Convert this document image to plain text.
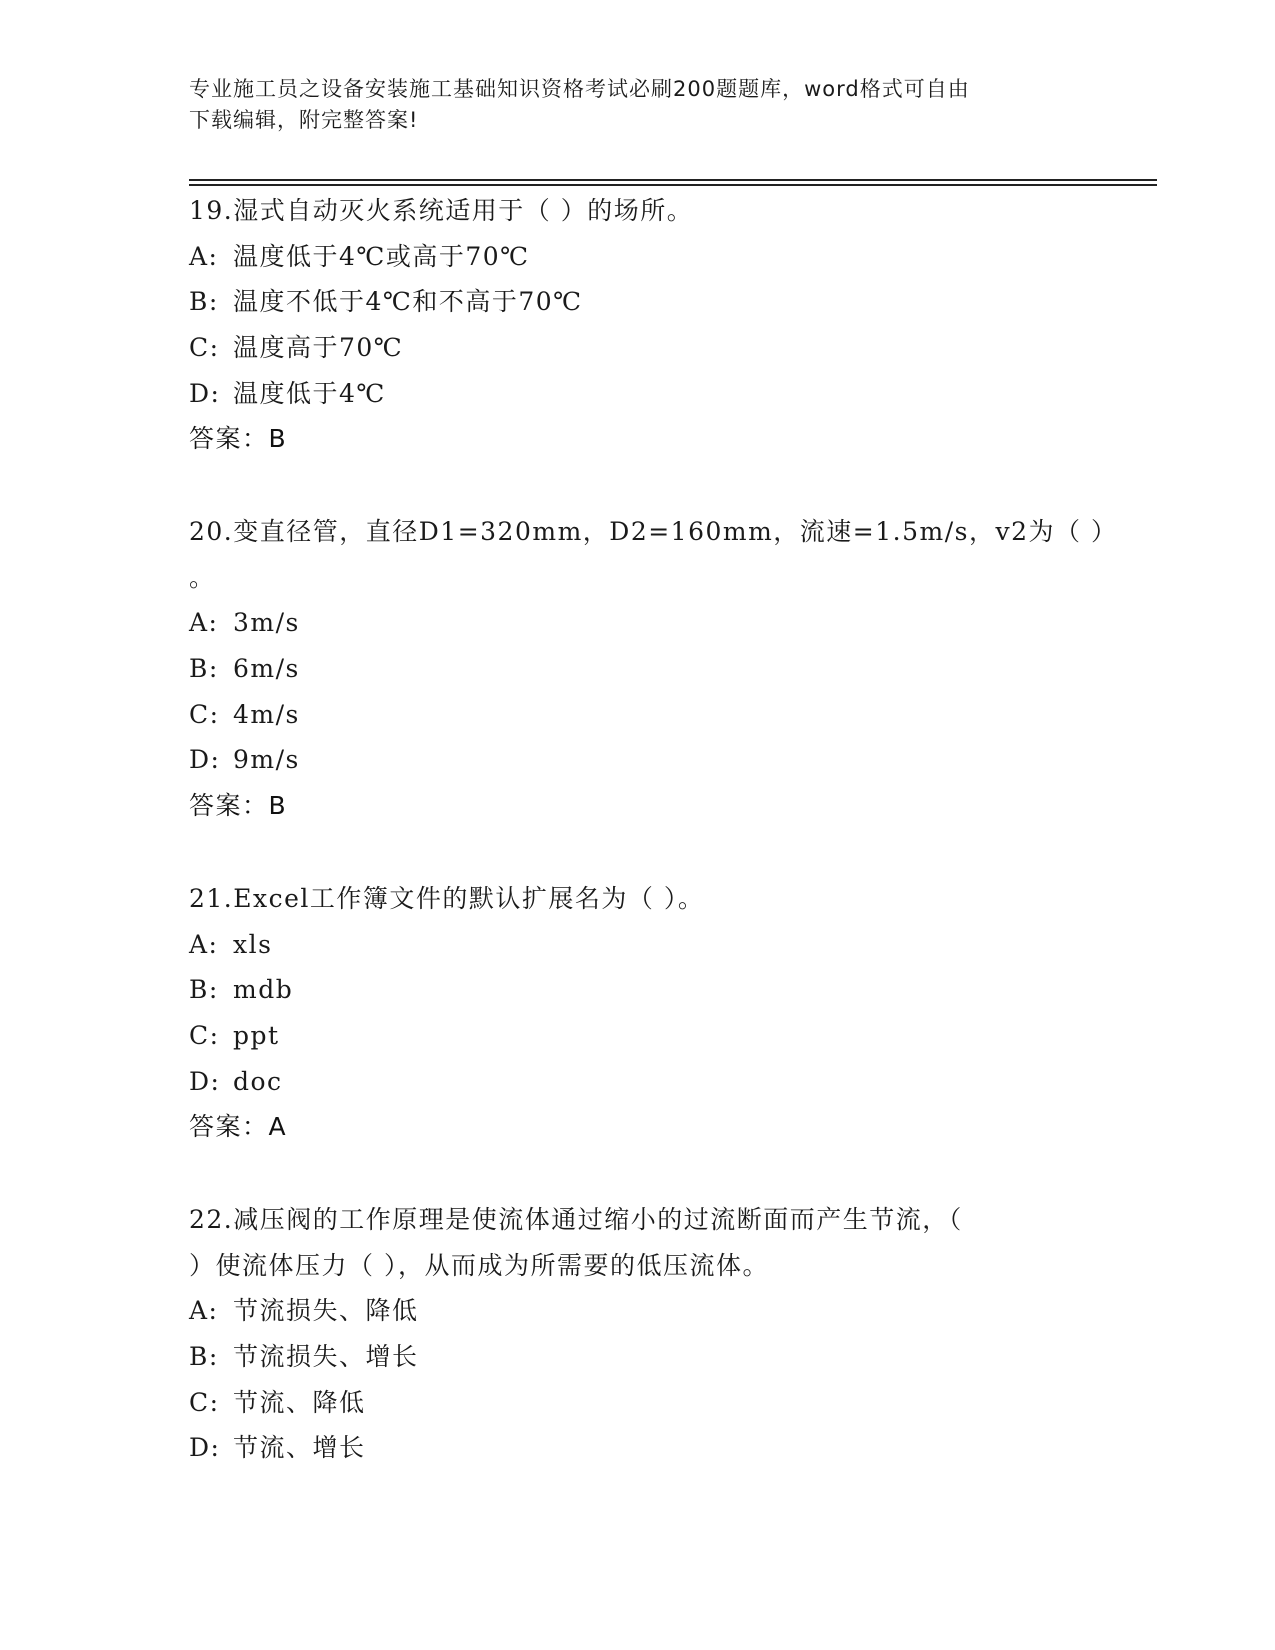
专业施工员之设备安装施工基础知识资格考试必刷200题题库，word格式可自由
下载编辑，附完整答案!
19.湿式自动灭火系统适用于（ ）的场所。
A: 温度低于4℃或高于70℃
B: 温度不低于4℃和不高于70℃
C: 温度高于70℃
D: 温度低于4℃
答案：B
20.变直径管，直径D1=320mm，D2=160mm，流速=1.5m/s，v2为（ ）
。
A: 3m/s
B: 6m/s
C: 4m/s
D: 9m/s
答案：B
21.Excel工作簿文件的默认扩展名为（ ）。
A: xls
B: mdb
C: ppt
D: doc
答案：A
22.减压阀的工作原理是使流体通过缩小的过流断面而产生节流，（
）使流体压力（ ），从而成为所需要的低压流体。
A: 节流损失、降低
B: 节流损失、增长
C: 节流、降低
D: 节流、增长
